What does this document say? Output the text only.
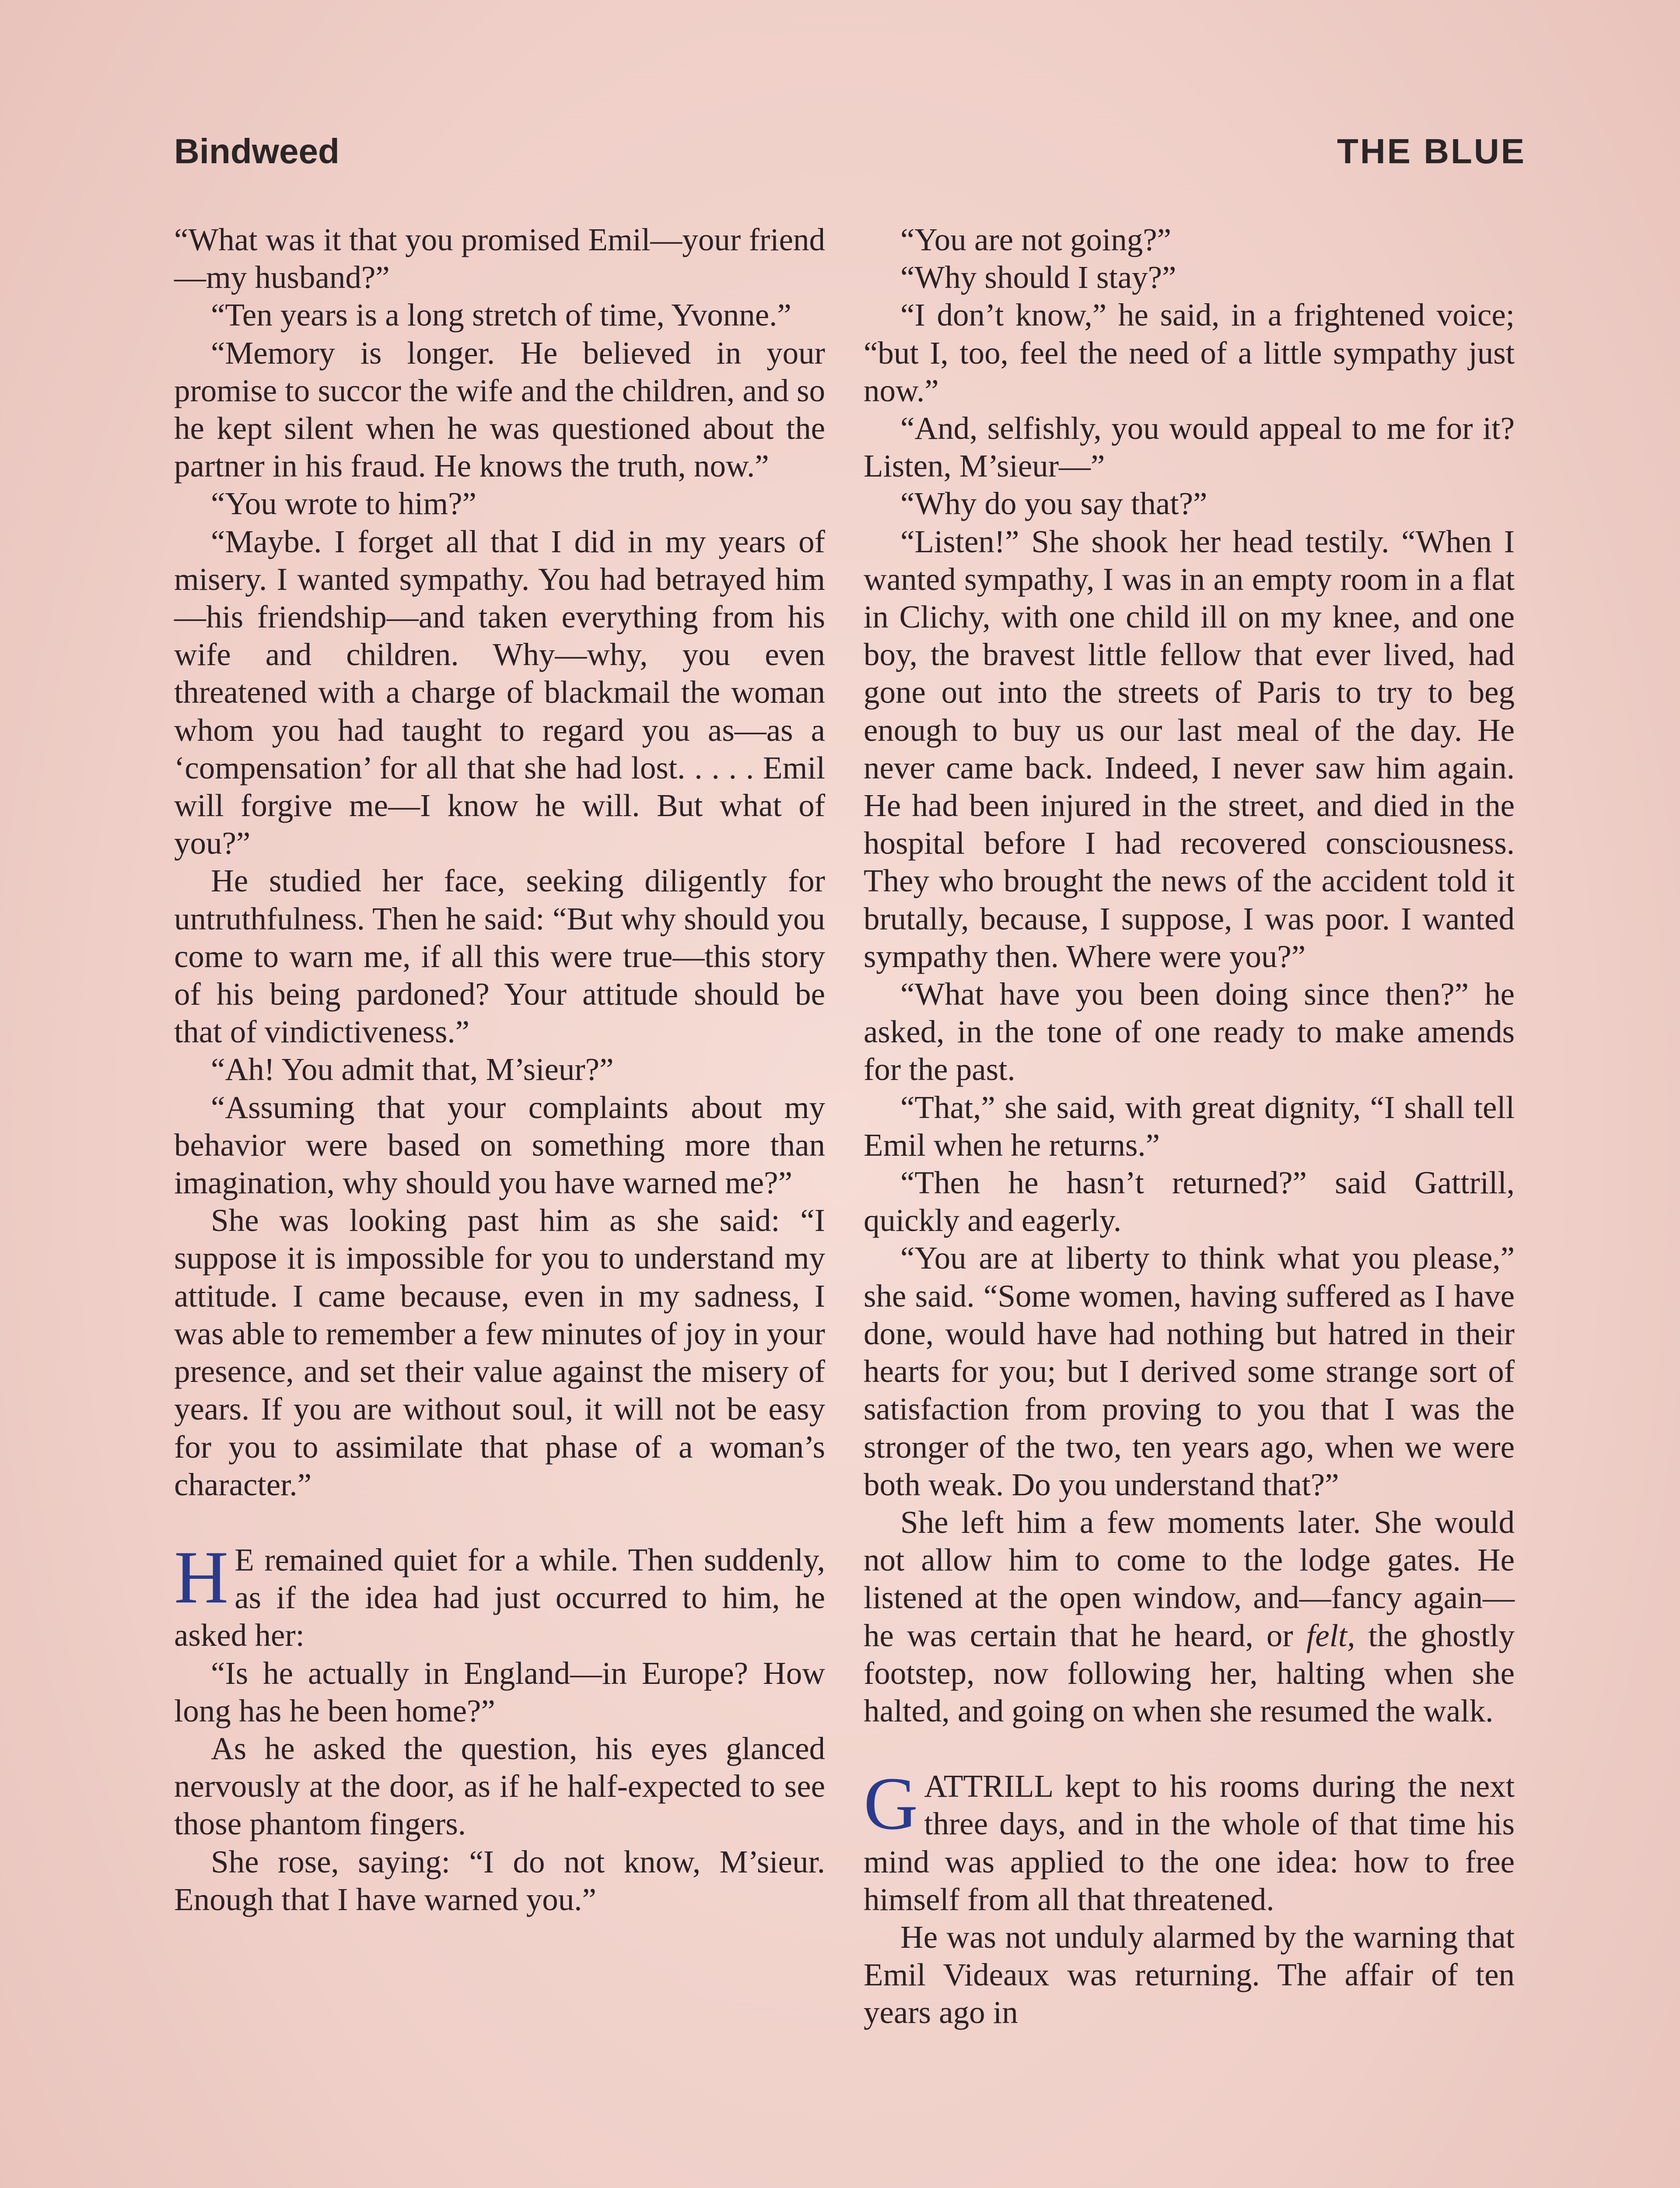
Bindweed	THE BLUE

“What was it that you promised Emil—your friend—my husband?”

“Ten years is a long stretch of time, Yvonne.”

“Memory is longer. He believed in your promise to succor the wife and the children, and so he kept silent when he was questioned about the partner in his fraud. He knows the truth, now.”

“You wrote to him?”

“Maybe. I forget all that I did in my years of misery. I wanted sympathy. You had betrayed him—his friendship—and taken everything from his wife and children. Why—why, you even threatened with a charge of blackmail the woman whom you had taught to regard you as—as a ‘compensation’ for all that she had lost. . . . . Emil will forgive me—I know he will. But what of you?”

He studied her face, seeking diligently for untruthfulness. Then he said: “But why should you come to warn me, if all this were true—this story of his being pardoned? Your attitude should be that of vindictiveness.”

“Ah! You admit that, M’sieur?”

“Assuming that your complaints about my behavior were based on something more than imagination, why should you have warned me?”

She was looking past him as she said: “I suppose it is impossible for you to understand my attitude. I came because, even in my sadness, I was able to remember a few minutes of joy in your presence, and set their value against the misery of years. If you are without soul, it will not be easy for you to assimilate that phase of a woman’s character.”

H E remained quiet for a while. Then suddenly, as if the idea had just occurred to him, he asked her:

“Is he actually in England—in Europe? How long has he been home?”

As he asked the question, his eyes glanced nervously at the door, as if he half-expected to see those phantom fingers.

She rose, saying: “I do not know, M’sieur. Enough that I have warned you.”

“You are not going?”

“Why should I stay?”

“I don’t know,” he said, in a frightened voice; “but I, too, feel the need of a little sympathy just now.”

“And, selfishly, you would appeal to me for it? Listen, M’sieur—”

“Why do you say that?”

“Listen!” She shook her head testily. “When I wanted sympathy, I was in an empty room in a flat in Clichy, with one child ill on my knee, and one boy, the bravest little fellow that ever lived, had gone out into the streets of Paris to try to beg enough to buy us our last meal of the day. He never came back. Indeed, I never saw him again. He had been injured in the street, and died in the hospital before I had recovered consciousness. They who brought the news of the accident told it brutally, because, I suppose, I was poor. I wanted sympathy then. Where were you?”

“What have you been doing since then?” he asked, in the tone of one ready to make amends for the past.

“That,” she said, with great dignity, “I shall tell Emil when he returns.”

“Then he hasn’t returned?” said Gattrill, quickly and eagerly.

“You are at liberty to think what you please,” she said. “Some women, having suffered as I have done, would have had nothing but hatred in their hearts for you; but I derived some strange sort of satisfaction from proving to you that I was the stronger of the two, ten years ago, when we were both weak. Do you understand that?”

She left him a few moments later. She would not allow him to come to the lodge gates. He listened at the open window, and—fancy again—he was certain that he heard, or felt, the ghostly footstep, now following her, halting when she halted, and going on when she resumed the walk.

GATTRILL kept to his rooms during the next three days, and in the whole of that time his mind was applied to the one idea: how to free himself from all that threatened.

He was not unduly alarmed by the warning that Emil Videaux was returning. The affair of ten years ago in
